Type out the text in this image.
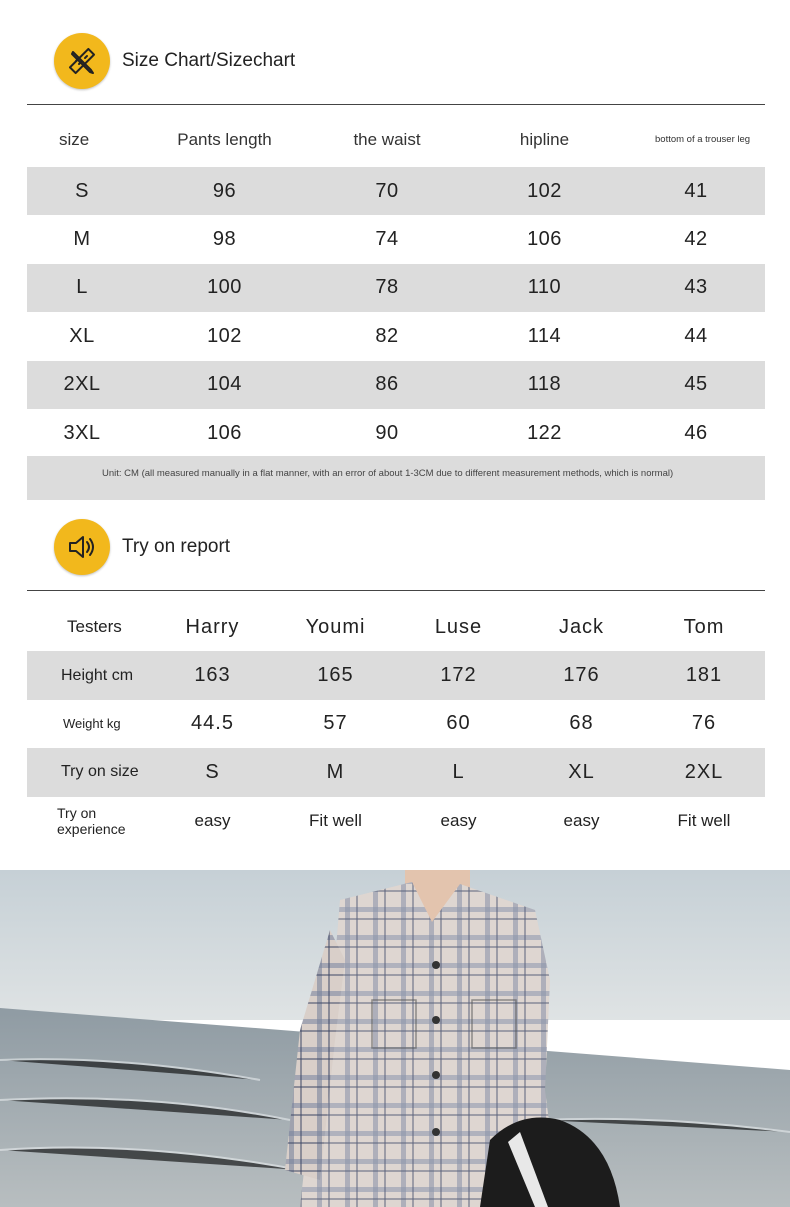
Size Chart/Sizechart
size	Pants length	the waist	hipline	bottom of a trouser leg
S	96	70	102	41
M	98	74	106	42
L	100	78	110	43
XL	102	82	114	44
2XL	104	86	118	45
3XL	106	90	122	46
Unit: CM (all measured manually in a flat manner, with an error of about 1-3CM due to different measurement methods, which is normal)
Try on report
Testers	Harry	Youmi	Luse	Jack	Tom
Height cm	163	165	172	176	181
Weight kg	44.5	57	60	68	76
Try on size	S	M	L	XL	2XL
Try on experience	easy	Fit well	easy	easy	Fit well
